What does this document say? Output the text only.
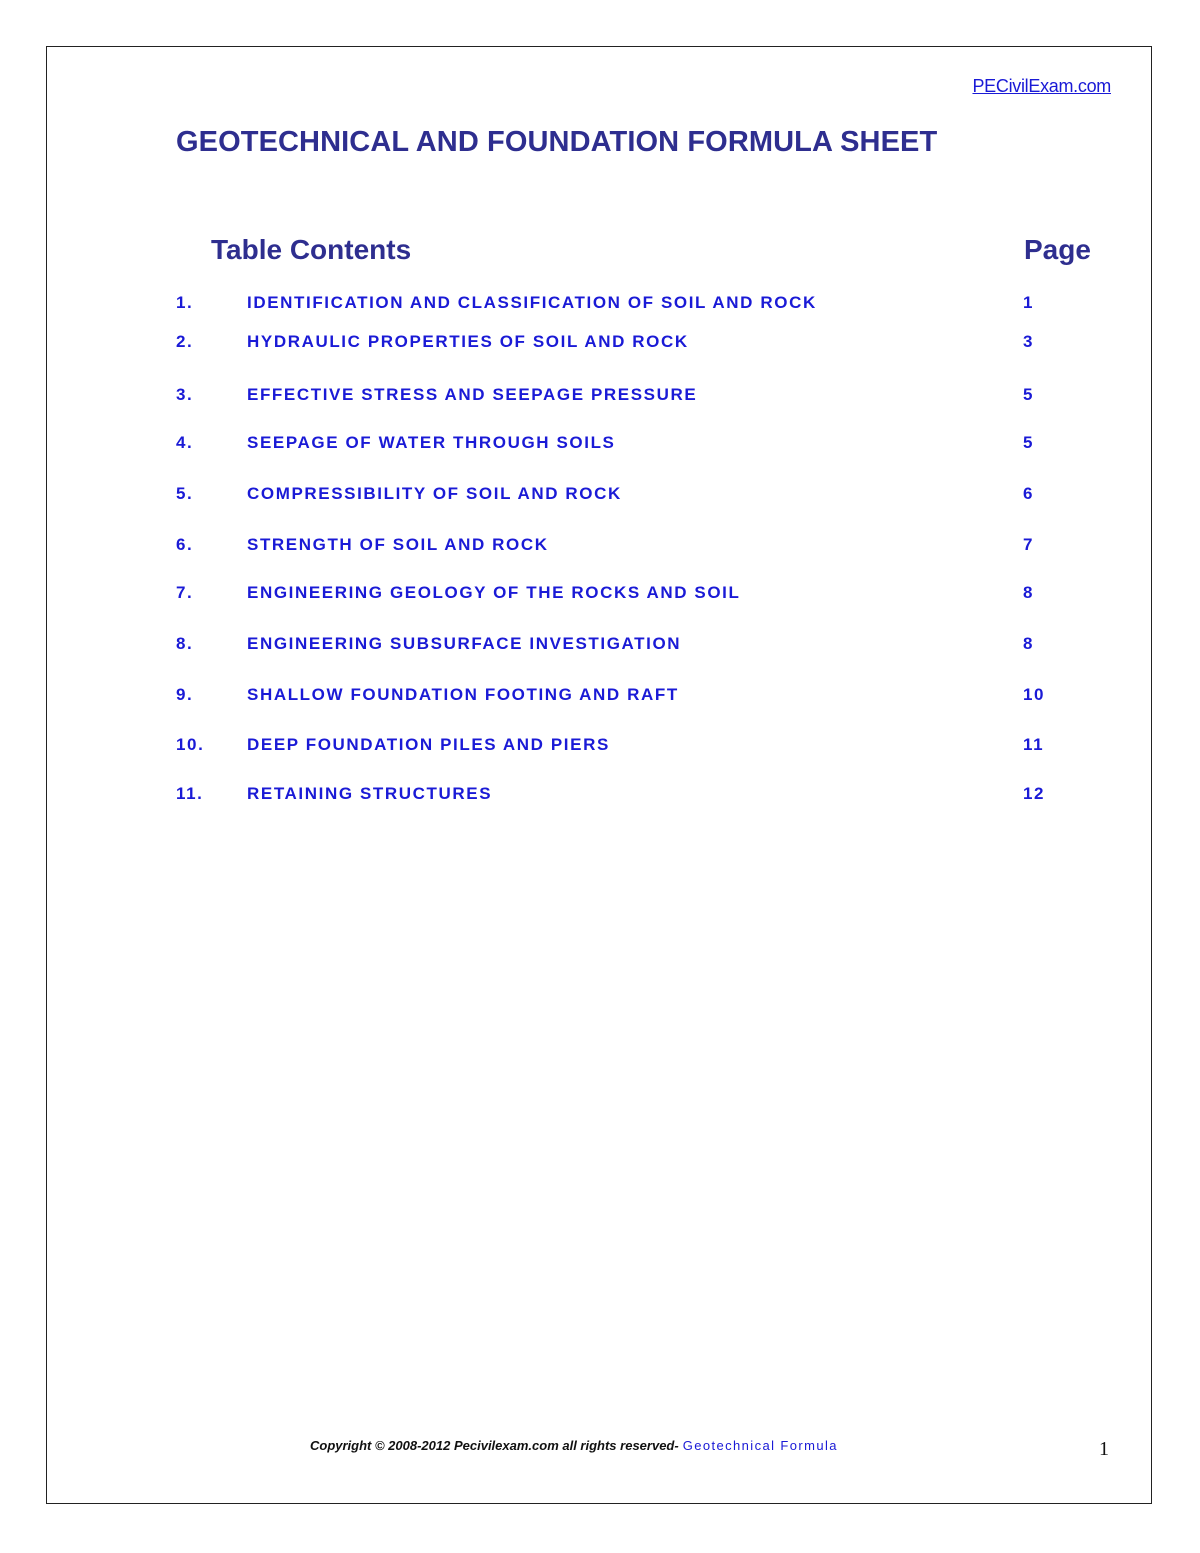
PECivilExam.com
GEOTECHNICAL AND FOUNDATION FORMULA SHEET
Table Contents	Page
1.	IDENTIFICATION AND CLASSIFICATION OF SOIL AND ROCK	1
2.	HYDRAULIC PROPERTIES OF SOIL AND ROCK	3
3.	EFFECTIVE STRESS AND SEEPAGE PRESSURE	5
4.	SEEPAGE OF WATER THROUGH SOILS	5
5.	COMPRESSIBILITY OF SOIL AND ROCK	6
6.	STRENGTH OF SOIL AND ROCK	7
7.	ENGINEERING GEOLOGY OF THE ROCKS AND SOIL	8
8.	ENGINEERING SUBSURFACE INVESTIGATION	8
9.	SHALLOW FOUNDATION FOOTING AND RAFT	10
10.	DEEP FOUNDATION PILES AND PIERS	11
11.	RETAINING STRUCTURES	12
Copyright © 2008-2012 Pecivilexam.com all rights reserved- Geotechnical Formula	1
